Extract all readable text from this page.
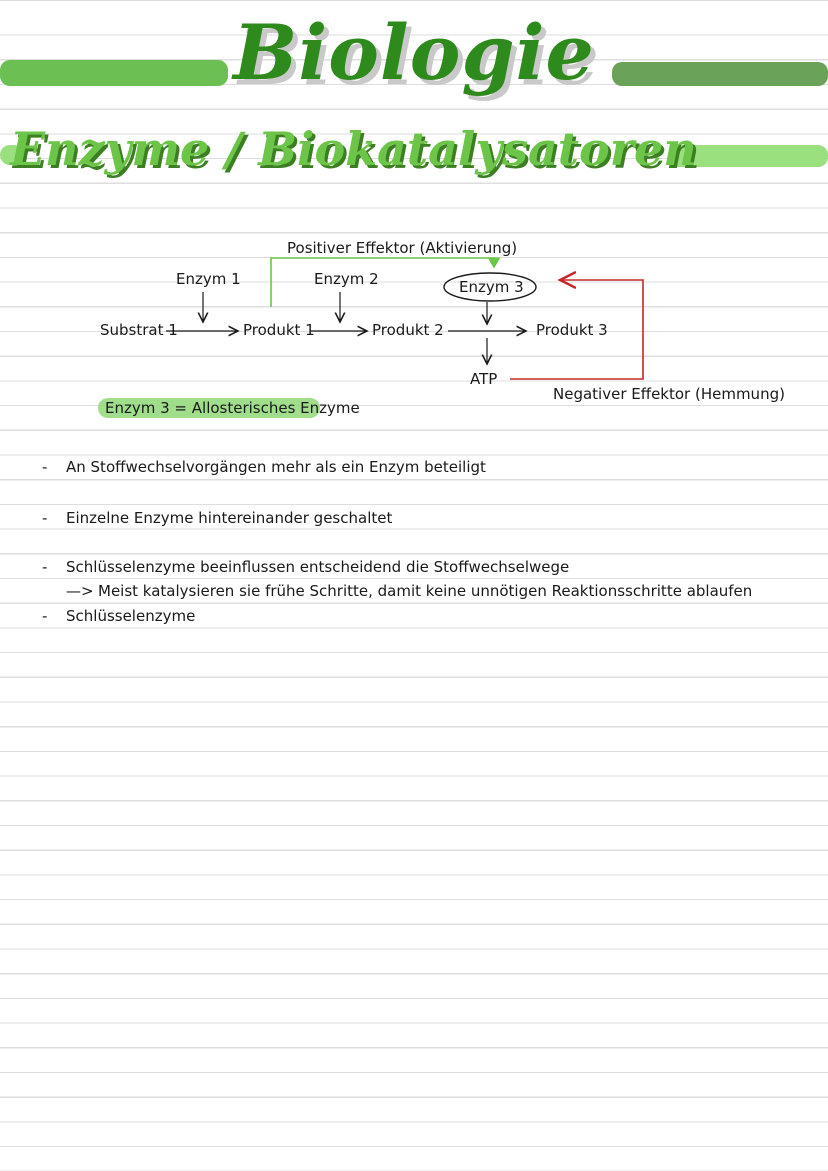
Biologie
Enzyme / Biokatalysatoren
Positiver Effektor (Aktivierung)
Enzym 1	Enzym 2	Enzym 3
Substrat 1	Produkt 1	Produkt 2	Produkt 3
ATP
Negativer Effektor (Hemmung)
Enzym 3 = Allosterisches Enzyme
- An Stoffwechselvorgängen mehr als ein Enzym beteiligt
- Einzelne Enzyme hintereinander geschaltet
- Schlüsselenzyme beeinflussen entscheidend die Stoffwechselwege
—> Meist katalysieren sie frühe Schritte, damit keine unnötigen Reaktionsschritte ablaufen
- Schlüsselenzyme
